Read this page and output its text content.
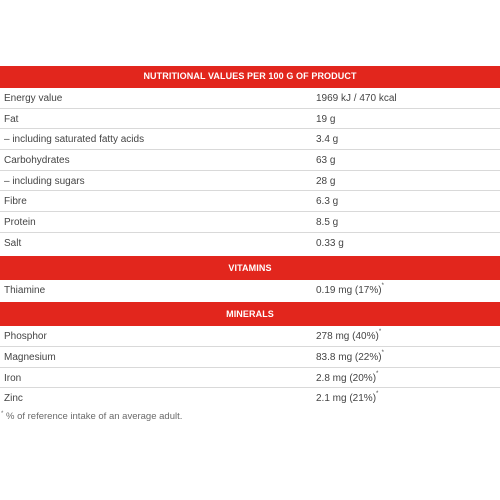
NUTRITIONAL VALUES PER 100 G OF PRODUCT
Energy value	1969 kJ / 470 kcal
Fat	19 g
– including saturated fatty acids	3.4 g
Carbohydrates	63 g
– including sugars	28 g
Fibre	6.3 g
Protein	8.5 g
Salt	0.33 g
VITAMINS
Thiamine	0.19 mg (17%)*
MINERALS
Phosphor	278 mg (40%)*
Magnesium	83.8 mg (22%)*
Iron	2.8 mg (20%)*
Zinc	2.1 mg (21%)*
* % of reference intake of an average adult.
